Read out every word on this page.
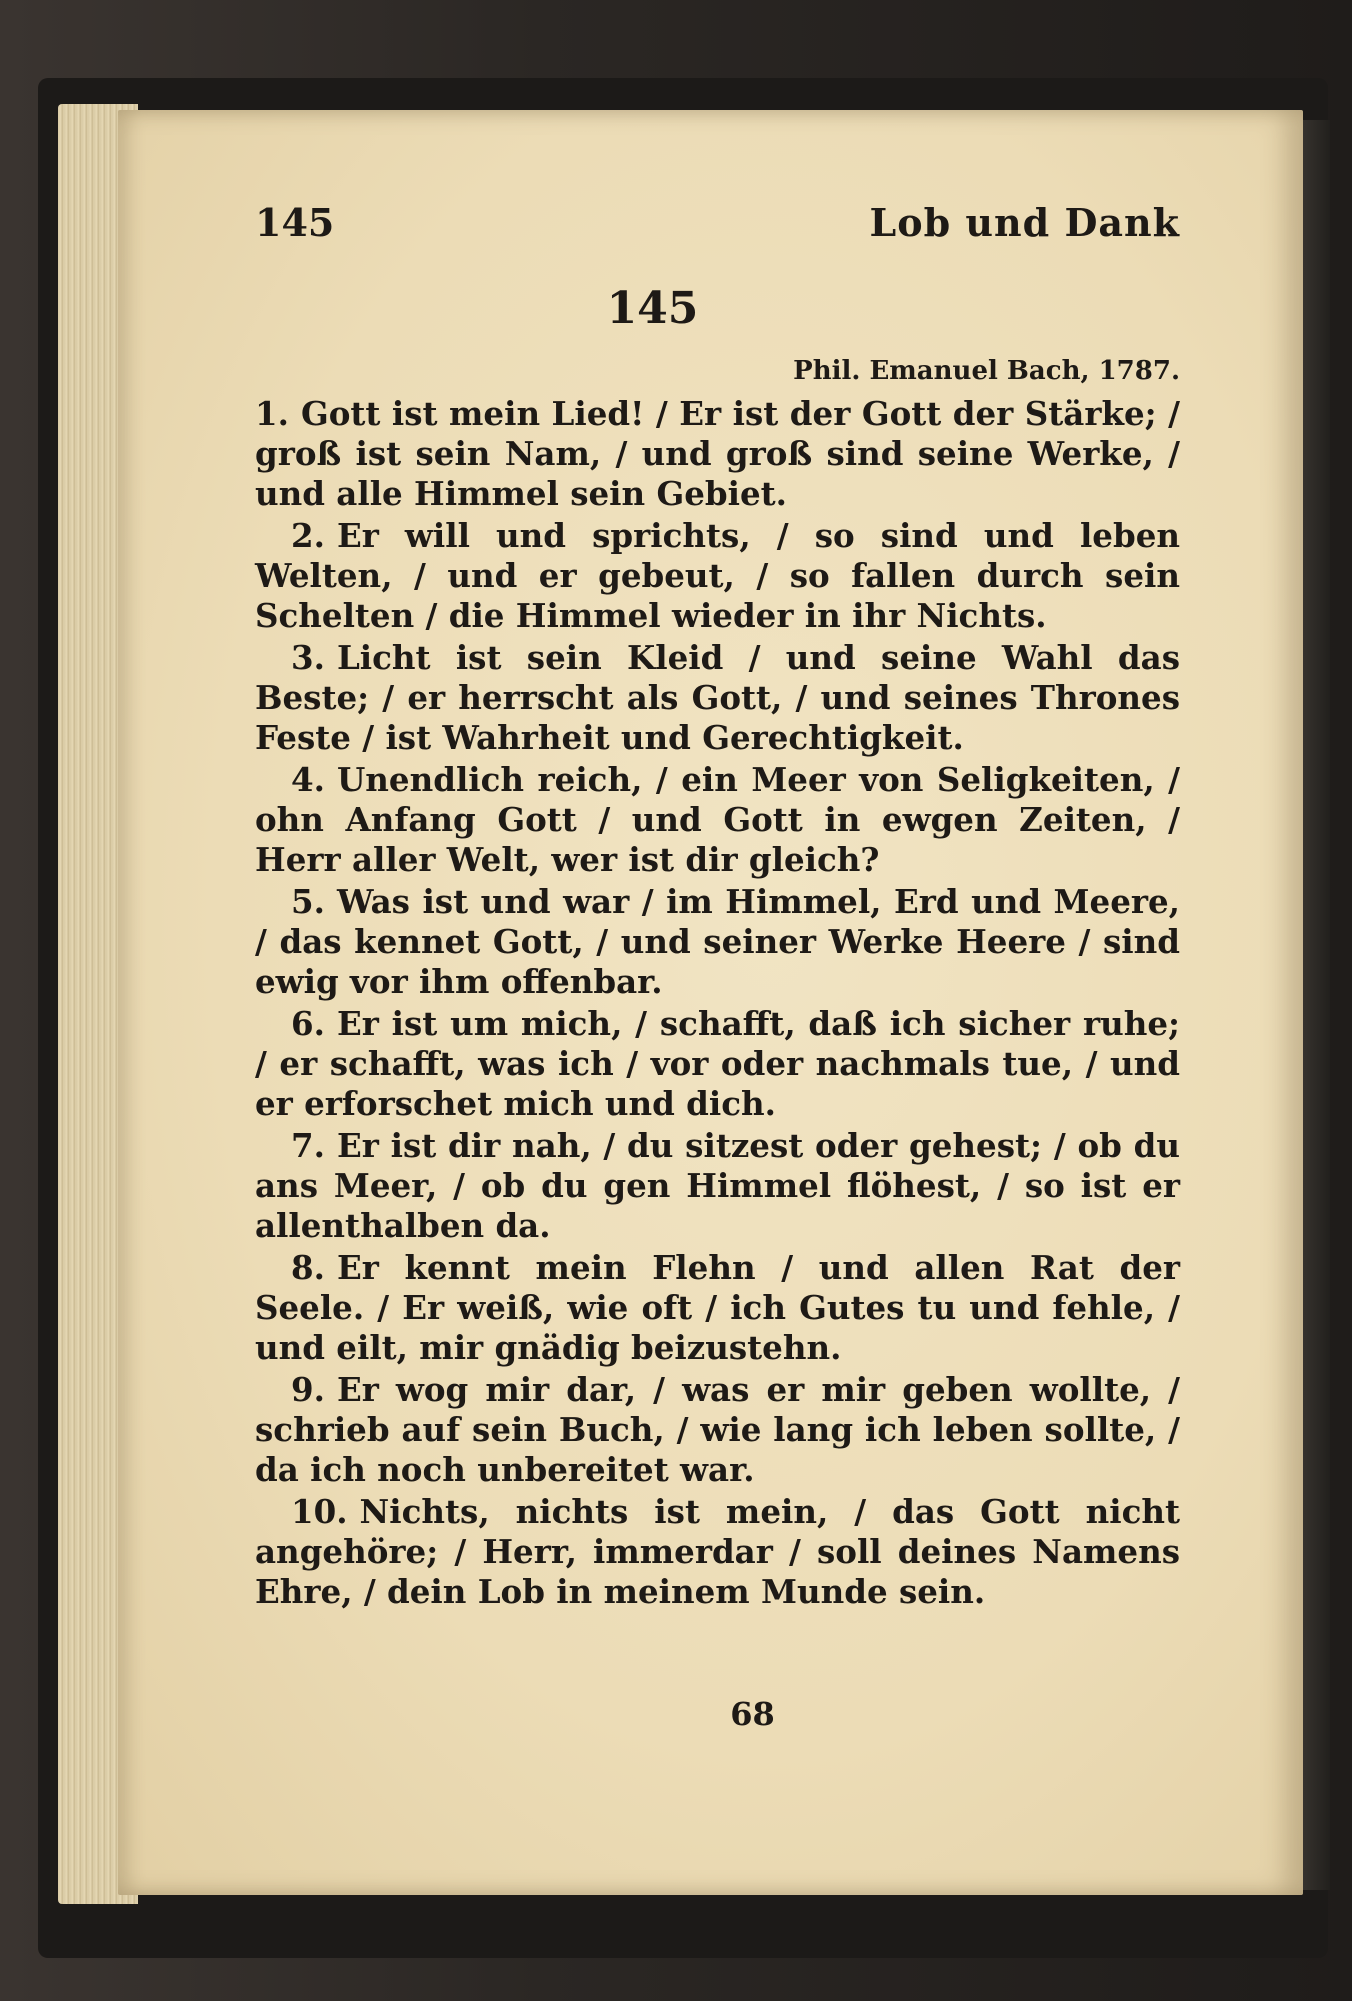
145	Lob und Dank
145
Phil. Emanuel Bach, 1787.

1. Gott ist mein Lied! / Er ist der Gott der Stärke; / groß ist sein Nam, / und groß sind seine Werke, / und alle Himmel sein Gebiet.

2. Er will und sprichts, / so sind und leben Welten, / und er gebeut, / so fallen durch sein Schelten / die Himmel wieder in ihr Nichts.

3. Licht ist sein Kleid / und seine Wahl das Beste; / er herrscht als Gott, / und seines Thrones Feste / ist Wahrheit und Gerechtigkeit.

4. Unendlich reich, / ein Meer von Seligkeiten, / ohn Anfang Gott / und Gott in ewgen Zeiten, / Herr aller Welt, wer ist dir gleich?

5. Was ist und war / im Himmel, Erd und Meere, / das kennet Gott, / und seiner Werke Heere / sind ewig vor ihm offenbar.

6. Er ist um mich, / schafft, daß ich sicher ruhe; / er schafft, was ich / vor oder nachmals tue, / und er erforschet mich und dich.

7. Er ist dir nah, / du sitzest oder gehest; / ob du ans Meer, / ob du gen Himmel flöhest, / so ist er allenthalben da.

8. Er kennt mein Flehn / und allen Rat der Seele. / Er weiß, wie oft / ich Gutes tu und fehle, / und eilt, mir gnädig beizustehn.

9. Er wog mir dar, / was er mir geben wollte, / schrieb auf sein Buch, / wie lang ich leben sollte, / da ich noch unbereitet war.

10. Nichts, nichts ist mein, / das Gott nicht angehöre; / Herr, immerdar / soll deines Namens Ehre, / dein Lob in meinem Munde sein.

68
